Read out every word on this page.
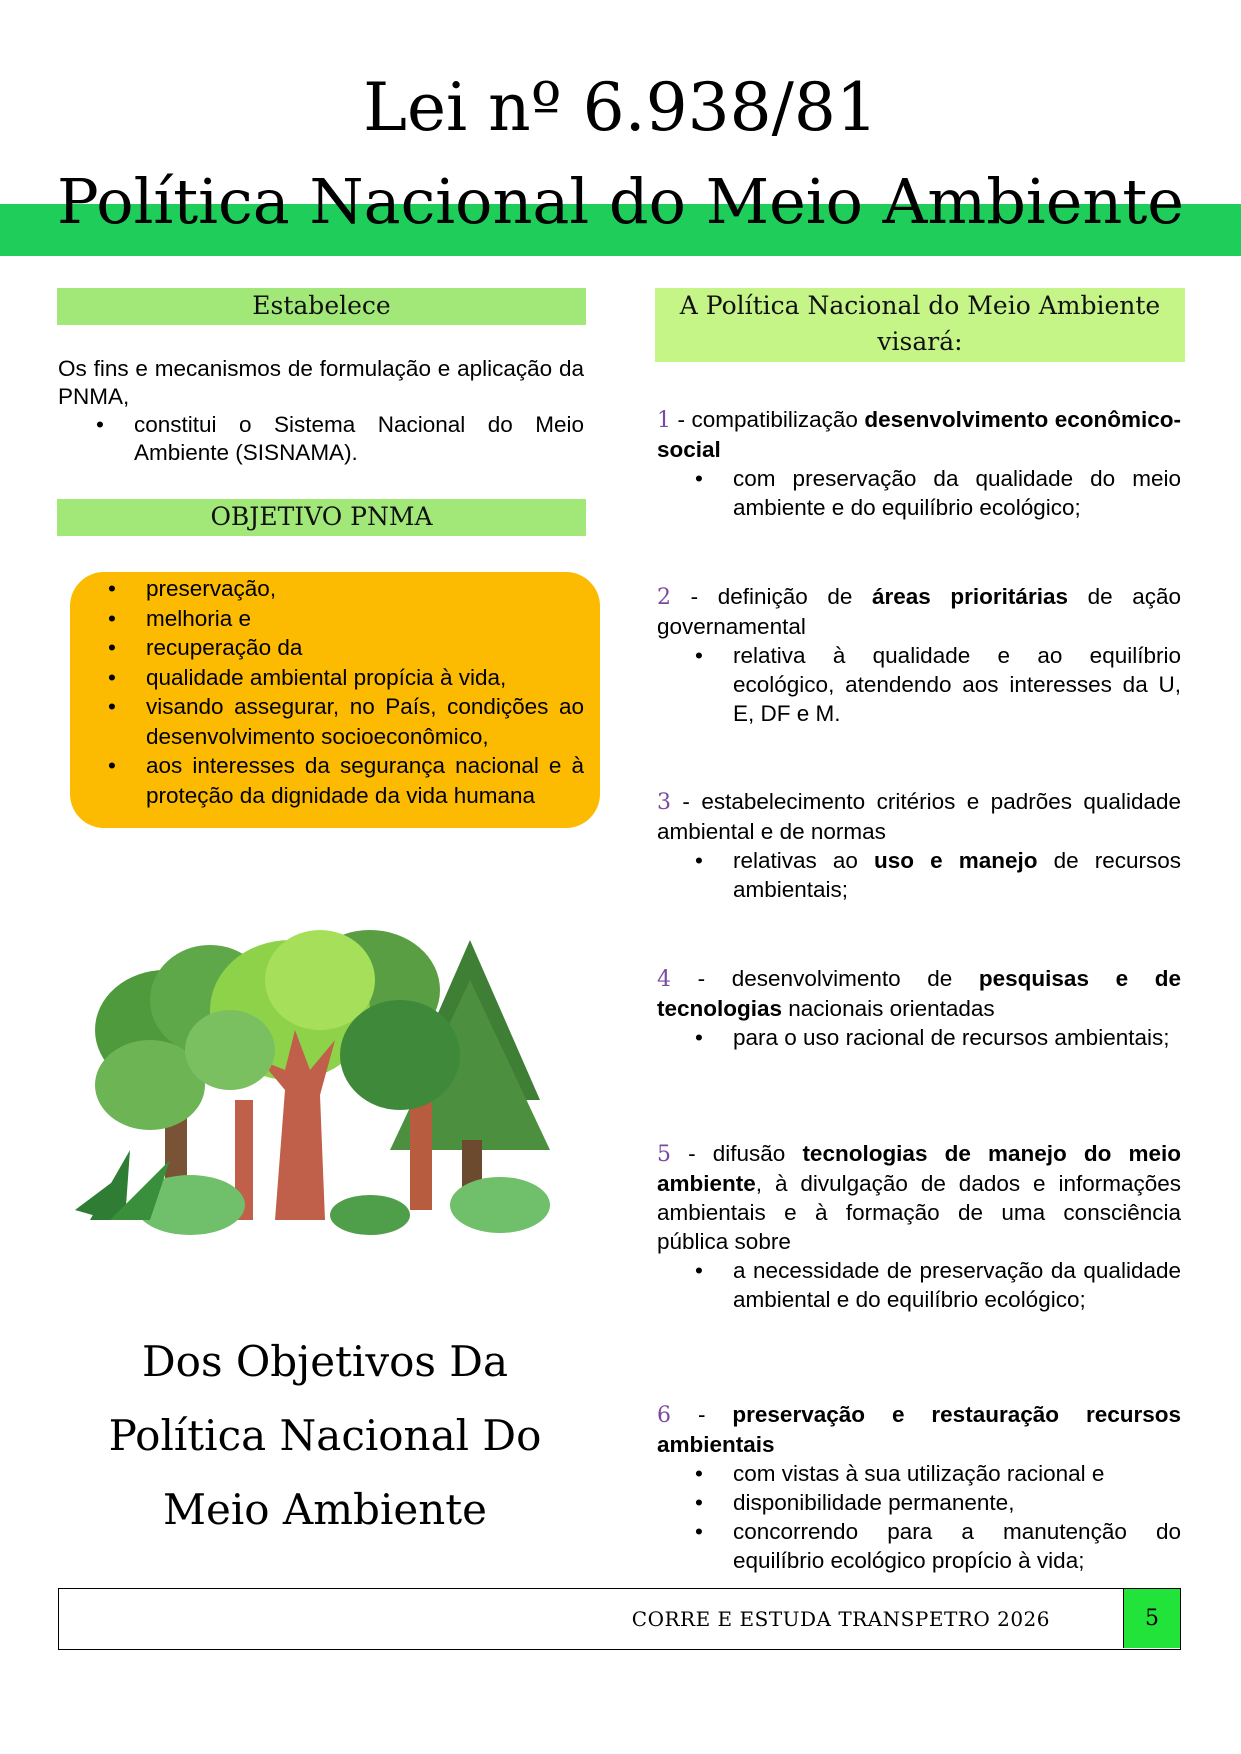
Lei nº 6.938/81
Política Nacional do Meio Ambiente
Estabelece
Os fins e mecanismos de formulação e aplicação da PNMA,
• constitui o Sistema Nacional do Meio Ambiente (SISNAMA).
OBJETIVO PNMA
• preservação,
• melhoria e
• recuperação da
• qualidade ambiental propícia à vida,
• visando assegurar, no País, condições ao desenvolvimento socioeconômico,
• aos interesses da segurança nacional e à proteção da dignidade da vida humana
Dos Objetivos Da Política Nacional Do Meio Ambiente
A Política Nacional do Meio Ambiente visará:

1 - compatibilização desenvolvimento econômico-social

• com preservação da qualidade do meio ambiente e do equilíbrio ecológico;

2 - definição de áreas prioritárias de ação governamental

• relativa à qualidade e ao equilíbrio ecológico, atendendo aos interesses da U, E, DF e M.

3 - estabelecimento critérios e padrões qualidade ambiental e de normas

• relativas ao uso e manejo de recursos ambientais;

4 - desenvolvimento de pesquisas e de tecnologias nacionais orientadas

• para o uso racional de recursos ambientais;

5 - difusão tecnologias de manejo do meio ambiente, à divulgação de dados e informações ambientais e à formação de uma consciência pública sobre

• a necessidade de preservação da qualidade ambiental e do equilíbrio ecológico;

6 - preservação e restauração recursos ambientais

• com vistas à sua utilização racional e
• disponibilidade permanente,
• concorrendo para a manutenção do equilíbrio ecológico propício à vida;
CORRE E ESTUDA TRANSPETRO 2026	5
